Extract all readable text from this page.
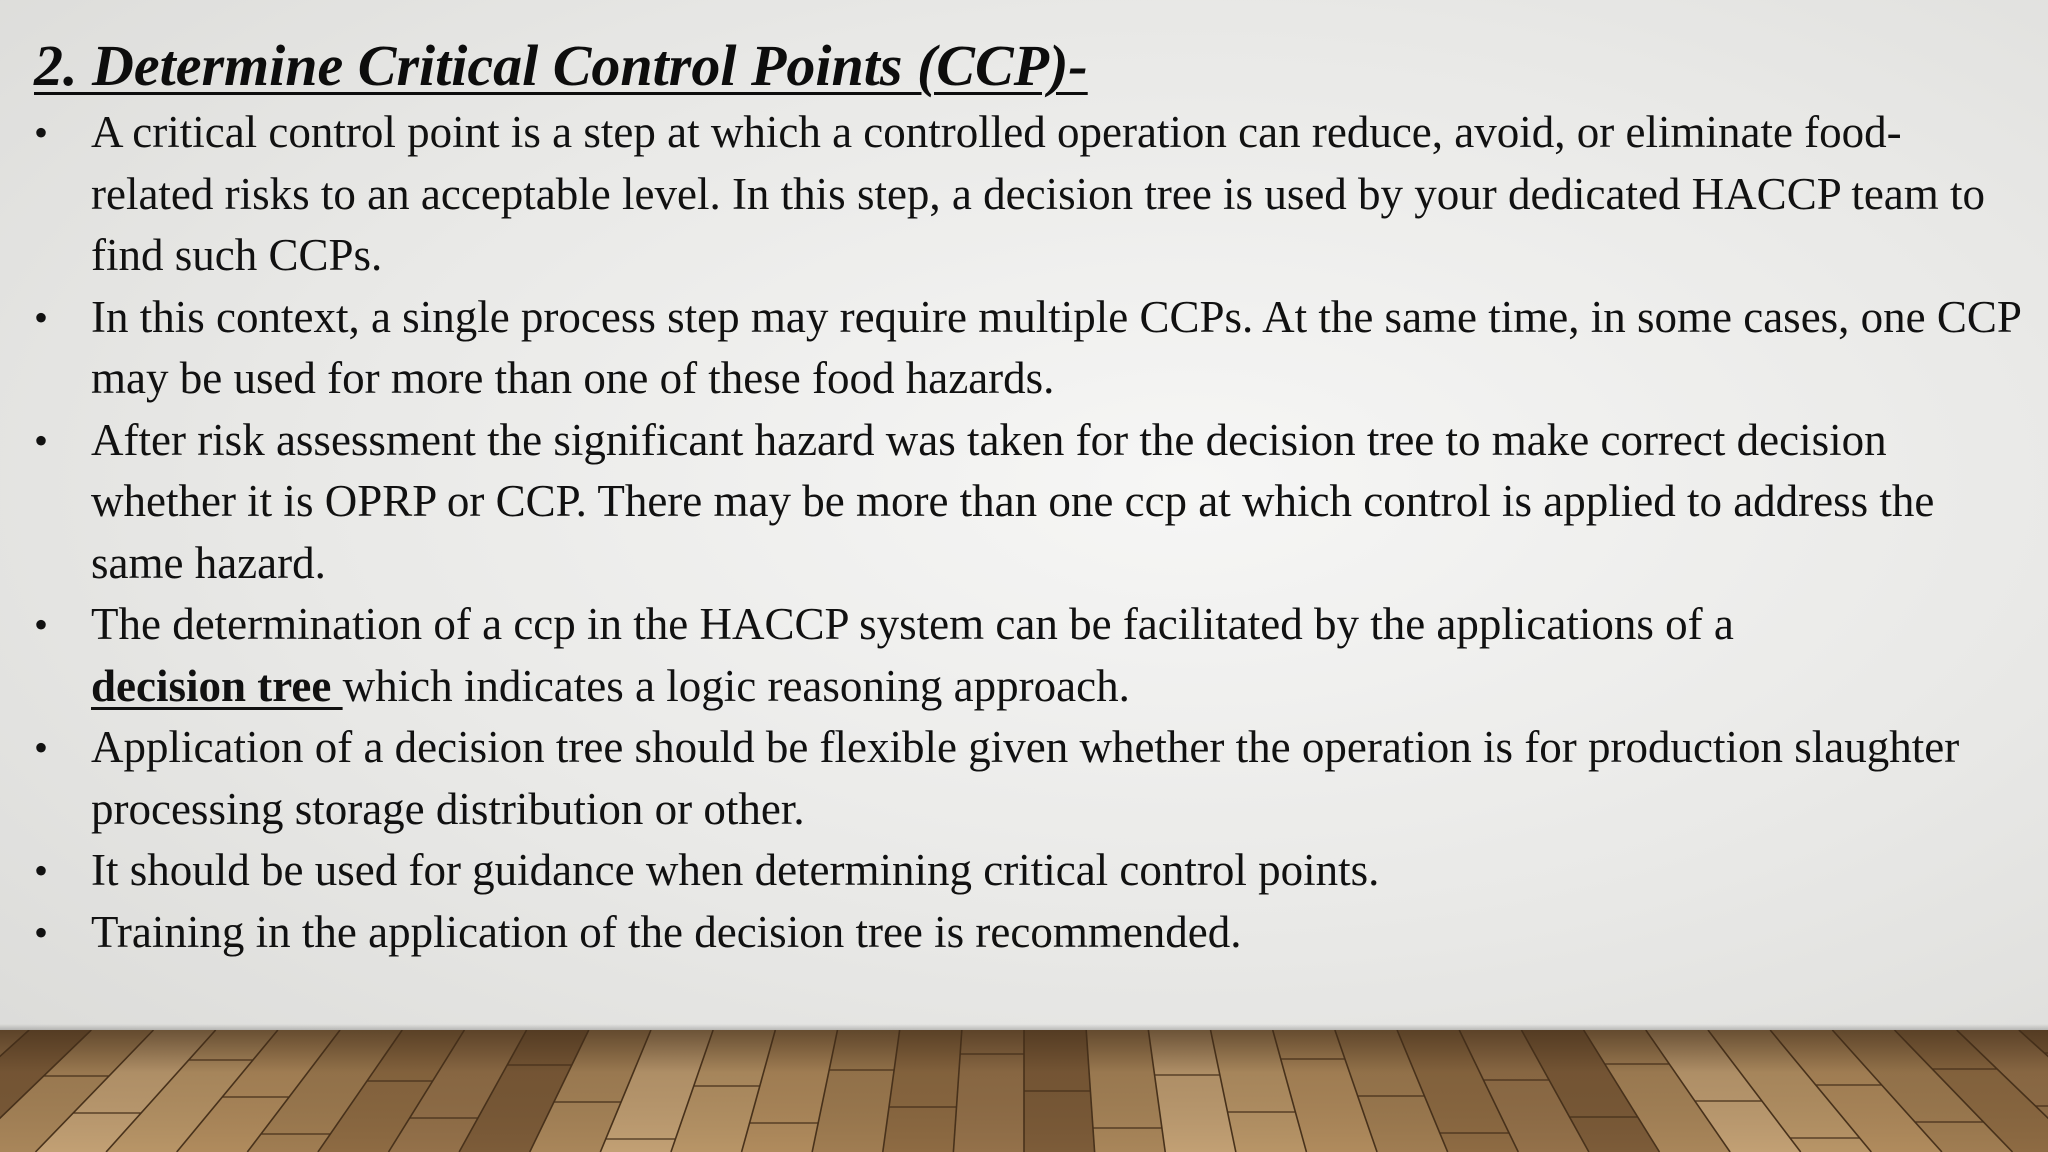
2. Determine Critical Control Points (CCP)-
• A critical control point is a step at which a controlled operation can reduce, avoid, or eliminate food-related risks to an acceptable level. In this step, a decision tree is used by your dedicated HACCP team to find such CCPs.
• In this context, a single process step may require multiple CCPs. At the same time, in some cases, one CCP may be used for more than one of these food hazards.
• After risk assessment the significant hazard was taken for the decision tree to make correct decision whether it is OPRP or CCP. There may be more than one ccp at which control is applied to address the same hazard.
• The determination of a ccp in the HACCP system can be facilitated by the applications of a
decision tree which indicates a logic reasoning approach.
• Application of a decision tree should be flexible given whether the operation is for production slaughter processing storage distribution or other.
• It should be used for guidance when determining critical control points.
• Training in the application of the decision tree is recommended.
